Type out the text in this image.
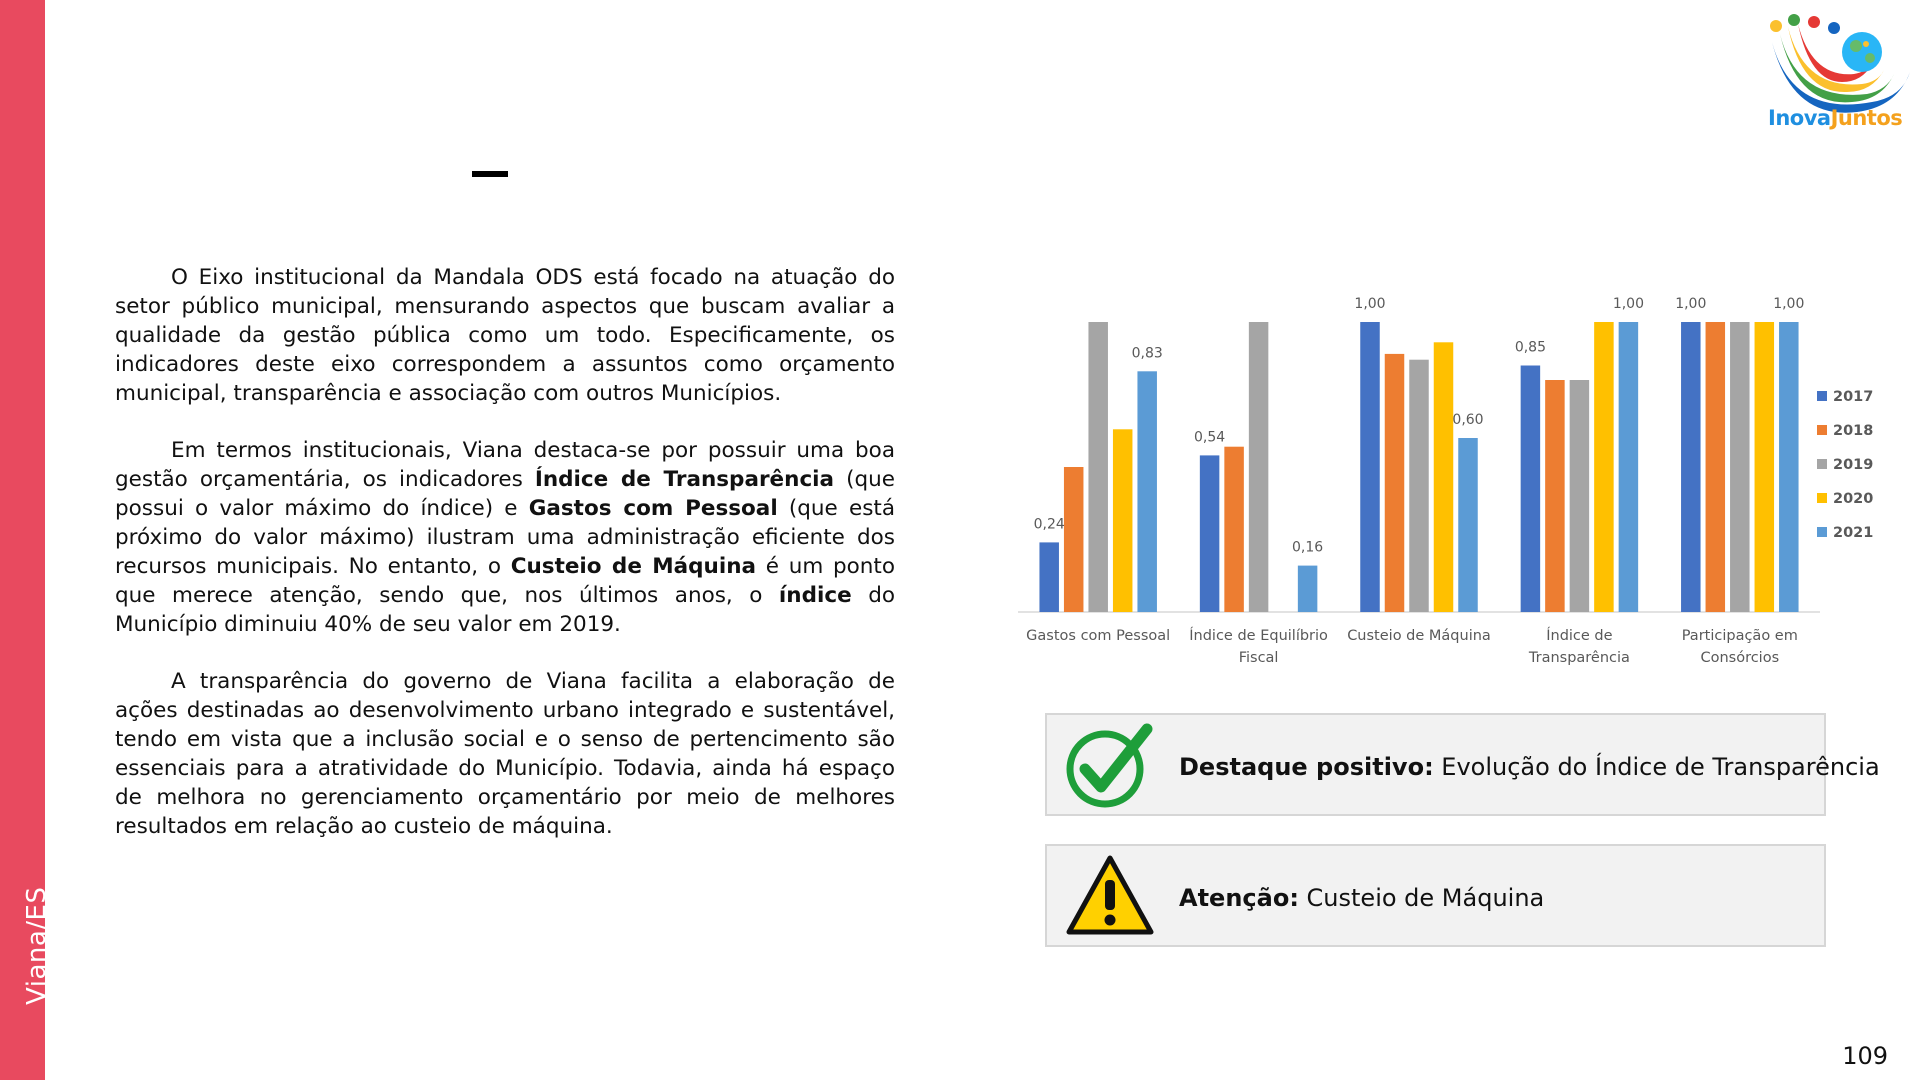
Viana/ES
InovaJuntos

O Eixo institucional da Mandala ODS está focado na atuação do setor público municipal, mensurando aspectos que buscam avaliar a qualidade da gestão pública como um todo. Especificamente, os indicadores deste eixo correspondem a assuntos como orçamento municipal, transparência e associação com outros Municípios.

Em termos institucionais, Viana destaca-se por possuir uma boa gestão orçamentária, os indicadores Índice de Transparência (que possui o valor máximo do índice) e Gastos com Pessoal (que está próximo do valor máximo) ilustram uma administração eficiente dos recursos municipais. No entanto, o Custeio de Máquina é um ponto que merece atenção, sendo que, nos últimos anos, o índice do Município diminuiu 40% de seu valor em 2019.

A transparência do governo de Viana facilita a elaboração de ações destinadas ao desenvolvimento urbano integrado e sustentável, tendo em vista que a inclusão social e o senso de pertencimento são essenciais para a atratividade do Município. Todavia, ainda há espaço de melhora no gerenciamento orçamentário por meio de melhores resultados em relação ao custeio de máquina.

0,24
0,83
0,54
0,16
1,00
0,60
0,85
1,00 1,00	1,00
Gastos com Pessoal Índice de Equilíbrio
Fiscal
Custeio de Máquina	Índice de
Transparência
Participação em
Consórcios
2017
2018
2019
2020
2021
Destaque positivo: Evolução do Índice de Transparência
Atenção: Custeio de Máquina
109
